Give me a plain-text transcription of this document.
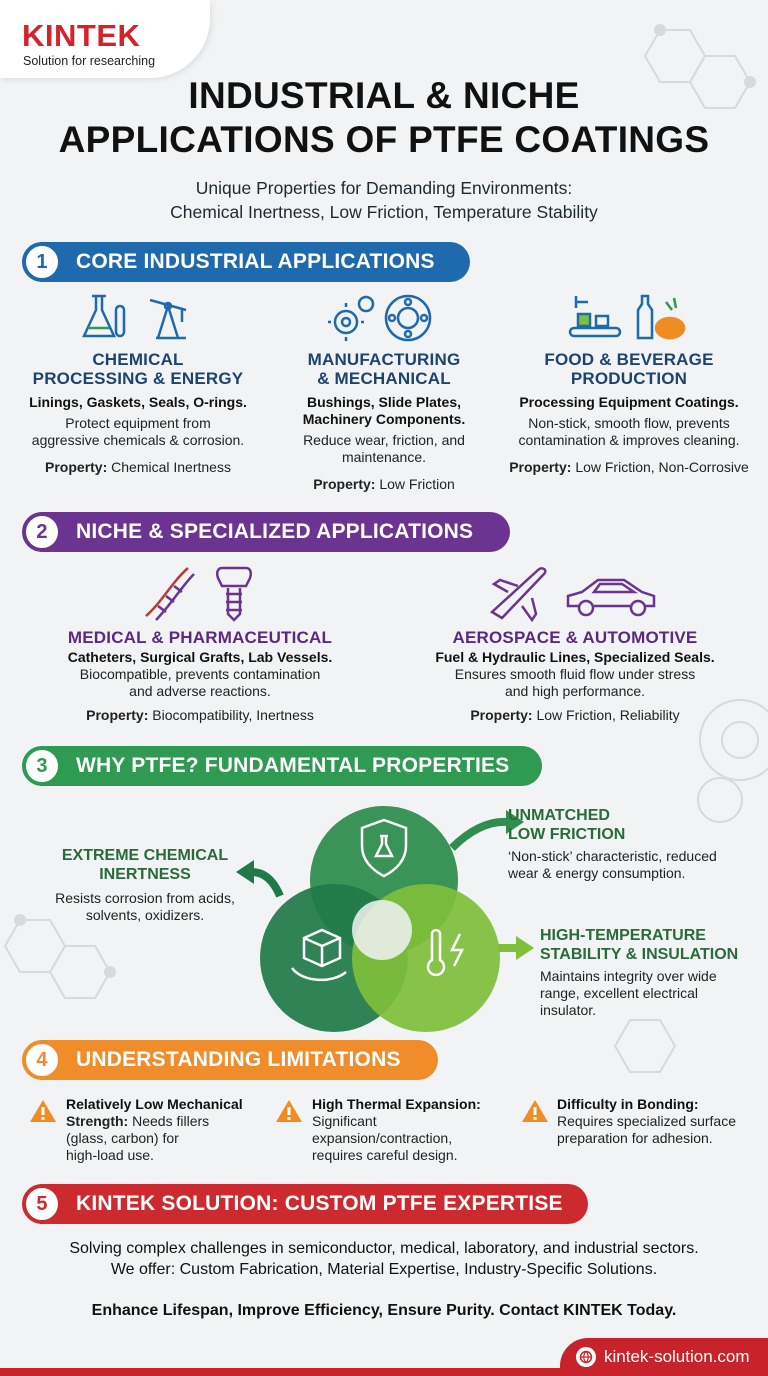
KINTEK
Solution for researching
INDUSTRIAL & NICHE
APPLICATIONS OF PTFE COATINGS
Unique Properties for Demanding Environments:
Chemical Inertness, Low Friction, Temperature Stability
1	CORE INDUSTRIAL APPLICATIONS
CHEMICAL
PROCESSING & ENERGY
Linings, Gaskets, Seals, O-rings.
Protect equipment from
aggressive chemicals & corrosion.
Property: Chemical Inertness
MANUFACTURING
& MECHANICAL
Bushings, Slide Plates,
Machinery Components.
Reduce wear, friction, and
maintenance.
Property: Low Friction
FOOD & BEVERAGE
PRODUCTION
Processing Equipment Coatings.
Non-stick, smooth flow, prevents
contamination & improves cleaning.
Property: Low Friction, Non-Corrosive
2	NICHE & SPECIALIZED APPLICATIONS
MEDICAL & PHARMACEUTICAL
Catheters, Surgical Grafts, Lab Vessels.
Biocompatible, prevents contamination
and adverse reactions.
Property: Biocompatibility, Inertness
AEROSPACE & AUTOMOTIVE
Fuel & Hydraulic Lines, Specialized Seals.
Ensures smooth fluid flow under stress
and high performance.
Property: Low Friction, Reliability
3	WHY PTFE? FUNDAMENTAL PROPERTIES
EXTREME CHEMICAL
INERTNESS
Resists corrosion from acids,
solvents, oxidizers.
UNMATCHED
LOW FRICTION
‘Non-stick’ characteristic, reduced
wear & energy consumption.
HIGH-TEMPERATURE
STABILITY & INSULATION
Maintains integrity over wide
range, excellent electrical
insulator.
4	UNDERSTANDING LIMITATIONS
Relatively Low Mechanical
Strength: Needs fillers
(glass, carbon) for
high-load use.
High Thermal Expansion:
Significant
expansion/contraction,
requires careful design.
Difficulty in Bonding:
Requires specialized surface
preparation for adhesion.
5	KINTEK SOLUTION: CUSTOM PTFE EXPERTISE
Solving complex challenges in semiconductor, medical, laboratory, and industrial sectors.
We offer: Custom Fabrication, Material Expertise, Industry-Specific Solutions.
Enhance Lifespan, Improve Efficiency, Ensure Purity. Contact KINTEK Today.
kintek-solution.com
